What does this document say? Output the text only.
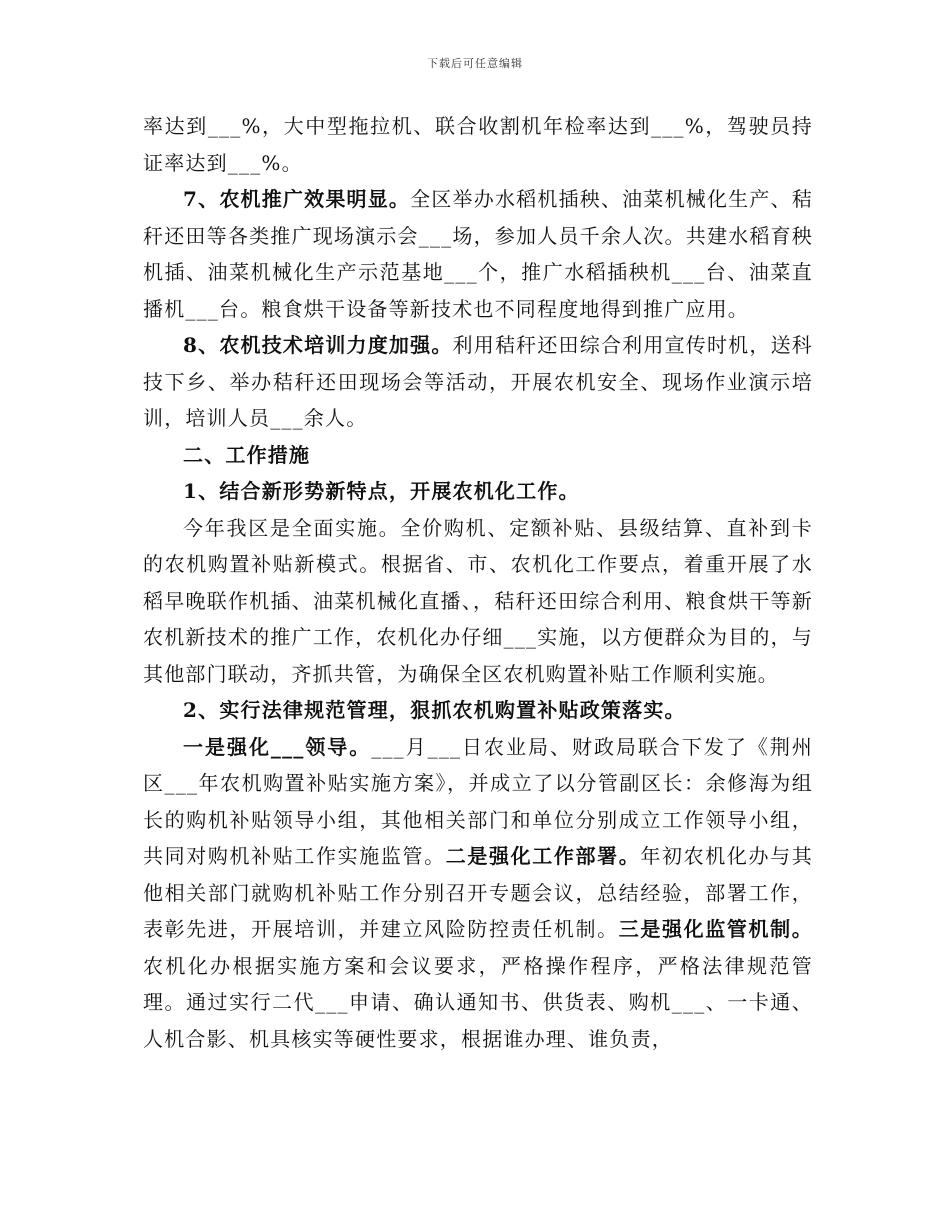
下载后可任意编辑

率达到___%，大中型拖拉机、联合收割机年检率达到___%，驾驶员持证率达到___%。

7、农机推广效果明显。全区举办水稻机插秧、油菜机械化生产、秸秆还田等各类推广现场演示会___场，参加人员千余人次。共建水稻育秧机插、油菜机械化生产示范基地___个，推广水稻插秧机___台、油菜直播机___台。粮食烘干设备等新技术也不同程度地得到推广应用。

8、农机技术培训力度加强。利用秸秆还田综合利用宣传时机，送科技下乡、举办秸秆还田现场会等活动，开展农机安全、现场作业演示培训，培训人员___余人。

二、工作措施

1、结合新形势新特点，开展农机化工作。

今年我区是全面实施。全价购机、定额补贴、县级结算、直补到卡的农机购置补贴新模式。根据省、市、农机化工作要点，着重开展了水稻早晚联作机插、油菜机械化直播、，秸秆还田综合利用、粮食烘干等新农机新技术的推广工作，农机化办仔细___实施，以方便群众为目的，与其他部门联动，齐抓共管，为确保全区农机购置补贴工作顺利实施。

2、实行法律规范管理，狠抓农机购置补贴政策落实。

一是强化___领导。___月___日农业局、财政局联合下发了《荆州区___年农机购置补贴实施方案》，并成立了以分管副区长：余修海为组长的购机补贴领导小组，其他相关部门和单位分别成立工作领导小组，共同对购机补贴工作实施监管。二是强化工作部署。年初农机化办与其他相关部门就购机补贴工作分别召开专题会议，总结经验，部署工作，表彰先进，开展培训，并建立风险防控责任机制。三是强化监管机制。农机化办根据实施方案和会议要求，严格操作程序，严格法律规范管理。通过实行二代___申请、确认通知书、供货表、购机___、一卡通、人机合影、机具核实等硬性要求，根据谁办理、谁负责，
